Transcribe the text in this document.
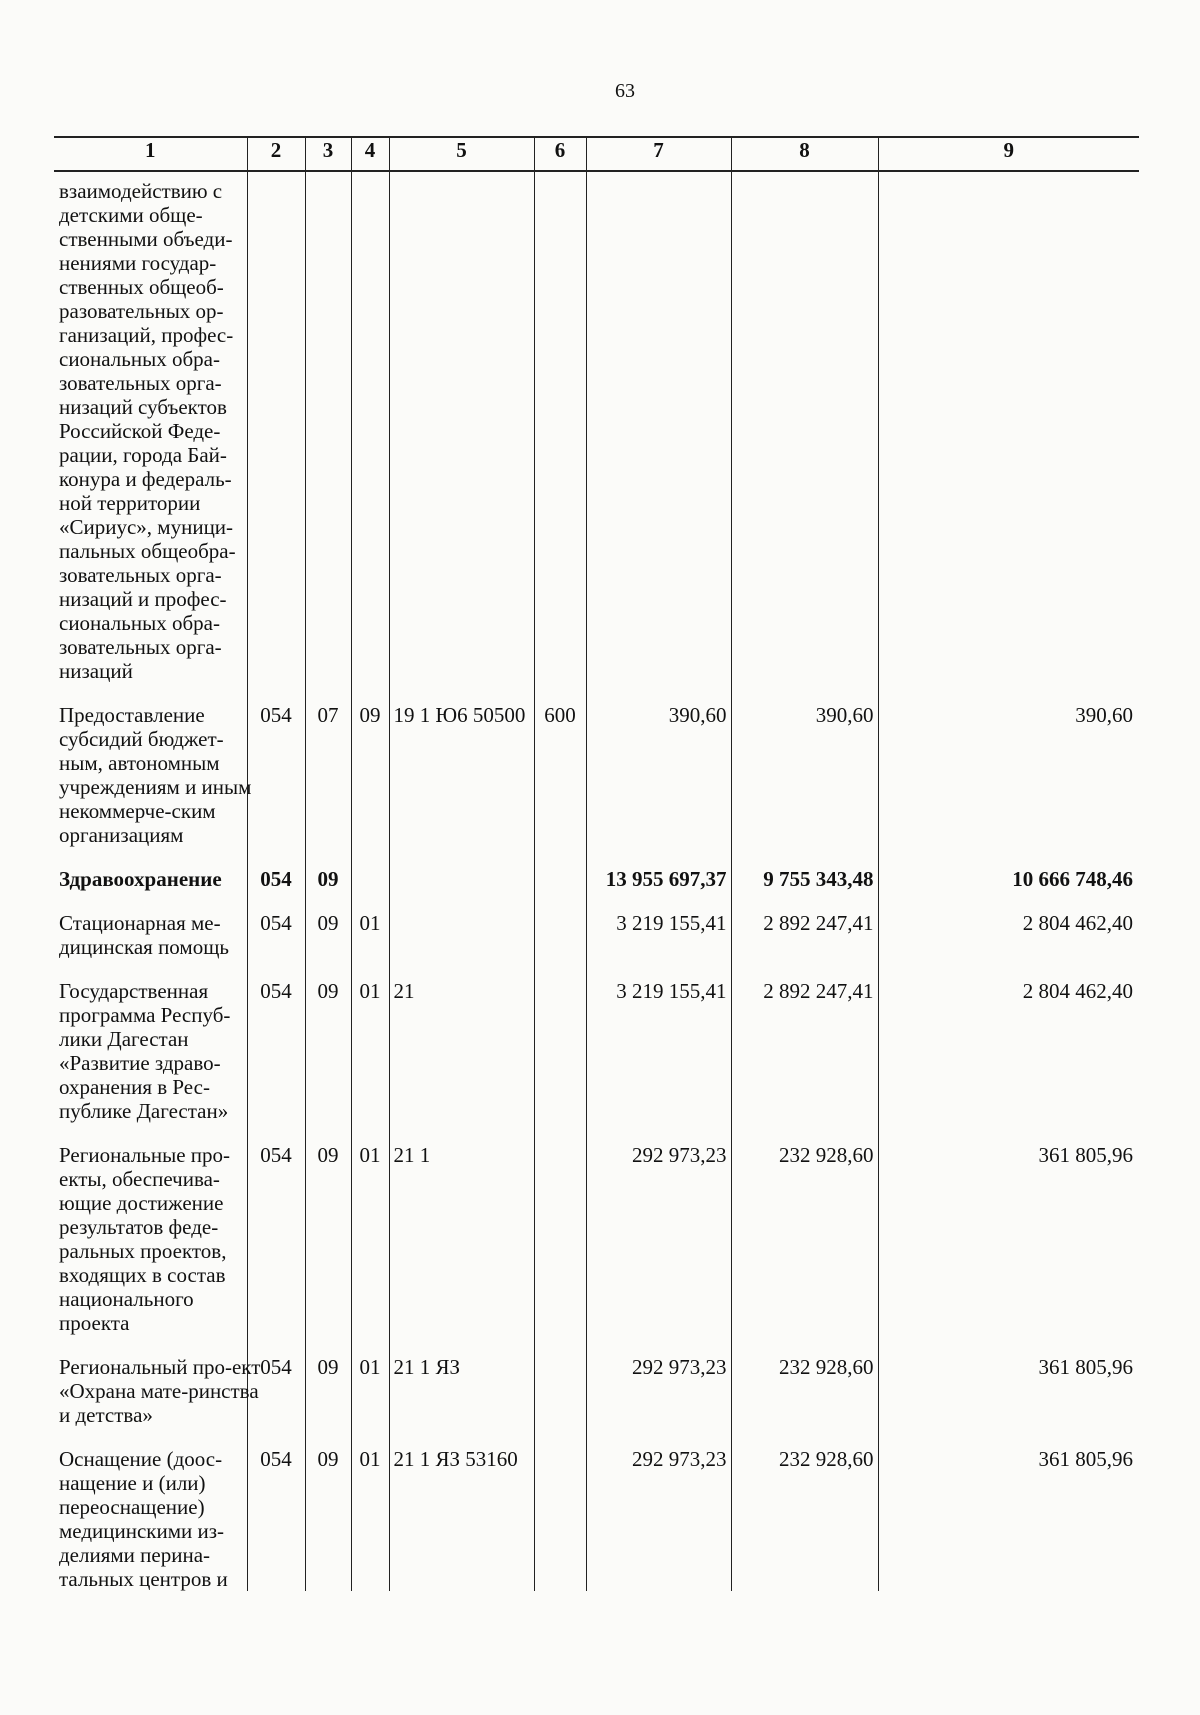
63
1	2	3	4	5	6	7	8	9

взаимодействию с детскими обще-ственными объеди-нениями государ-ственных общеоб-разовательных ор-ганизаций, профес-сиональных обра-зовательных орга-низаций субъектов Российской Феде-рации, города Бай-конура и федераль-ной территории «Сириус», муници-пальных общеобра-зовательных орга-низаций и профес-сиональных обра-зовательных орга-низаций								

Предоставление субсидий бюджет-ным, автономным учреждениям и иным некоммерче-ским организациям	054	07	09	19 1 Ю6 50500	600	390,60	390,60	390,60

Здравоохранение	054	09				13 955 697,37	9 755 343,48	10 666 748,46

Стационарная ме-дицинская помощь	054	09	01			3 219 155,41	2 892 247,41	2 804 462,40

Государственная программа Респуб-лики Дагестан «Развитие здраво-охранения в Рес-публике Дагестан»	054	09	01	21		3 219 155,41	2 892 247,41	2 804 462,40

Региональные про-екты, обеспечива-ющие достижение результатов феде-ральных проектов, входящих в состав национального проекта	054	09	01	21 1		292 973,23	232 928,60	361 805,96

Региональный про-ект «Охрана мате-ринства и детства»	054	09	01	21 1 ЯЗ		292 973,23	232 928,60	361 805,96

Оснащение (доос-нащение и (или) переоснащение) медицинскими из-делиями перина-тальных центров и	054	09	01	21 1 ЯЗ 53160		292 973,23	232 928,60	361 805,96
